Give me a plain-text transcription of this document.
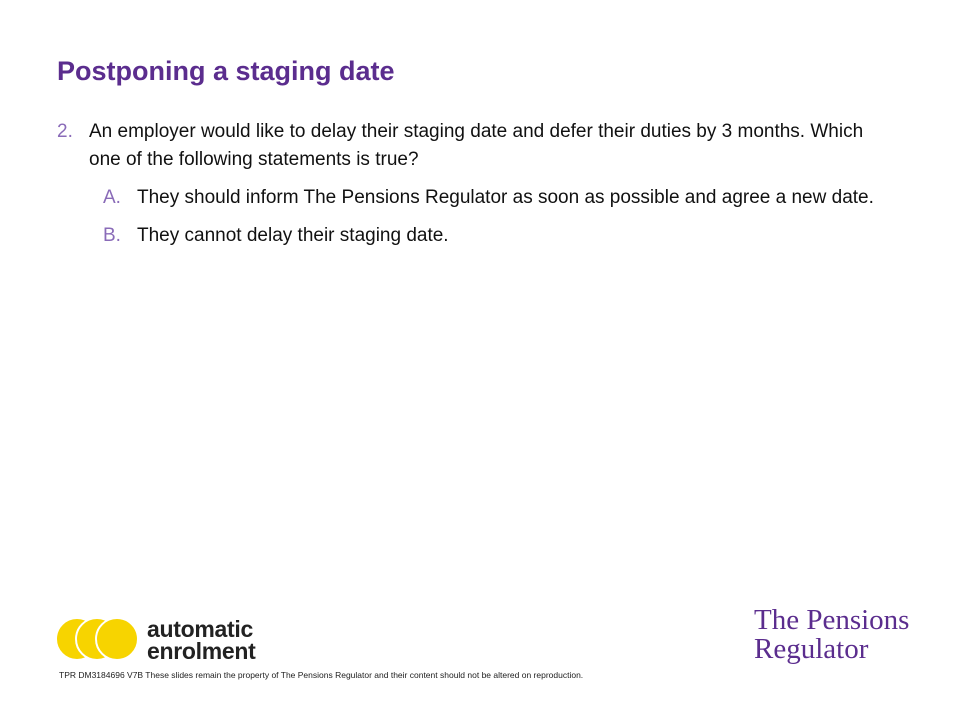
Postponing a staging date
2. An employer would like to delay their staging date and defer their duties by 3 months. Which one of the following statements is true?
A. They should inform The Pensions Regulator as soon as possible and agree a new date.
B. They cannot delay their staging date.
automatic
enrolment
The Pensions
Regulator
TPR DM3184696 V7B These slides remain the property of The Pensions Regulator and their content should not be altered on reproduction.
